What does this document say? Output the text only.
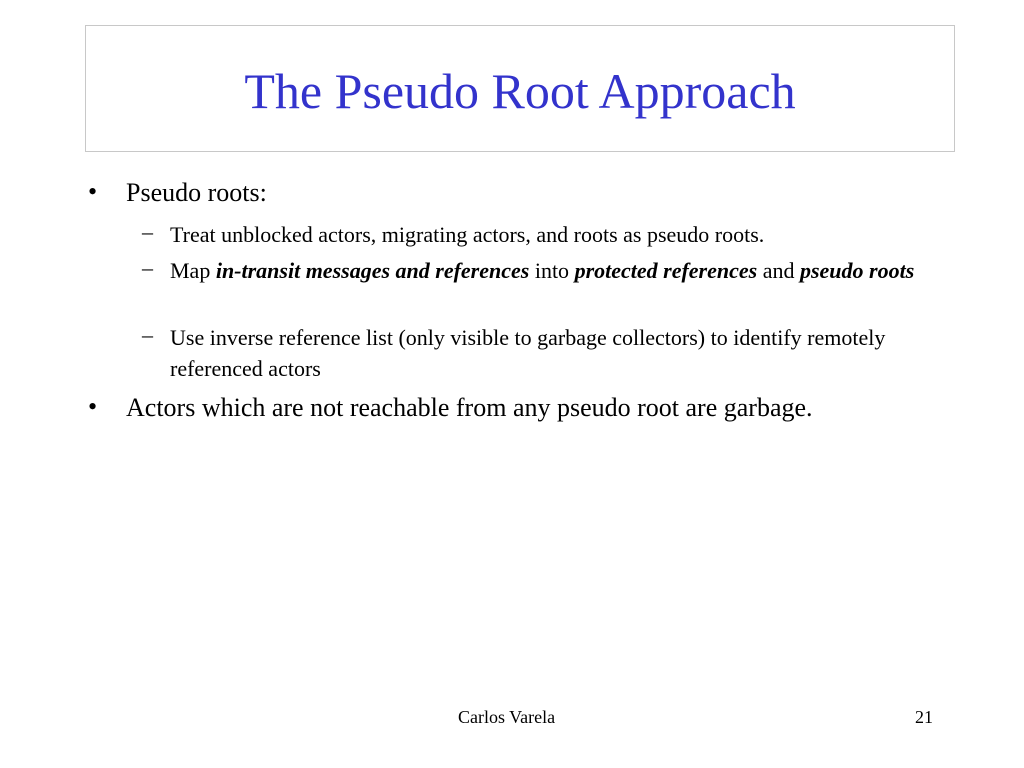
The Pseudo Root Approach
• Pseudo roots:
– Treat unblocked actors, migrating actors, and roots as pseudo roots.
– Map in-transit messages and references into protected references and pseudo roots
– Use inverse reference list (only visible to garbage collectors) to identify remotely referenced actors
• Actors which are not reachable from any pseudo root are garbage.
Carlos Varela	21
